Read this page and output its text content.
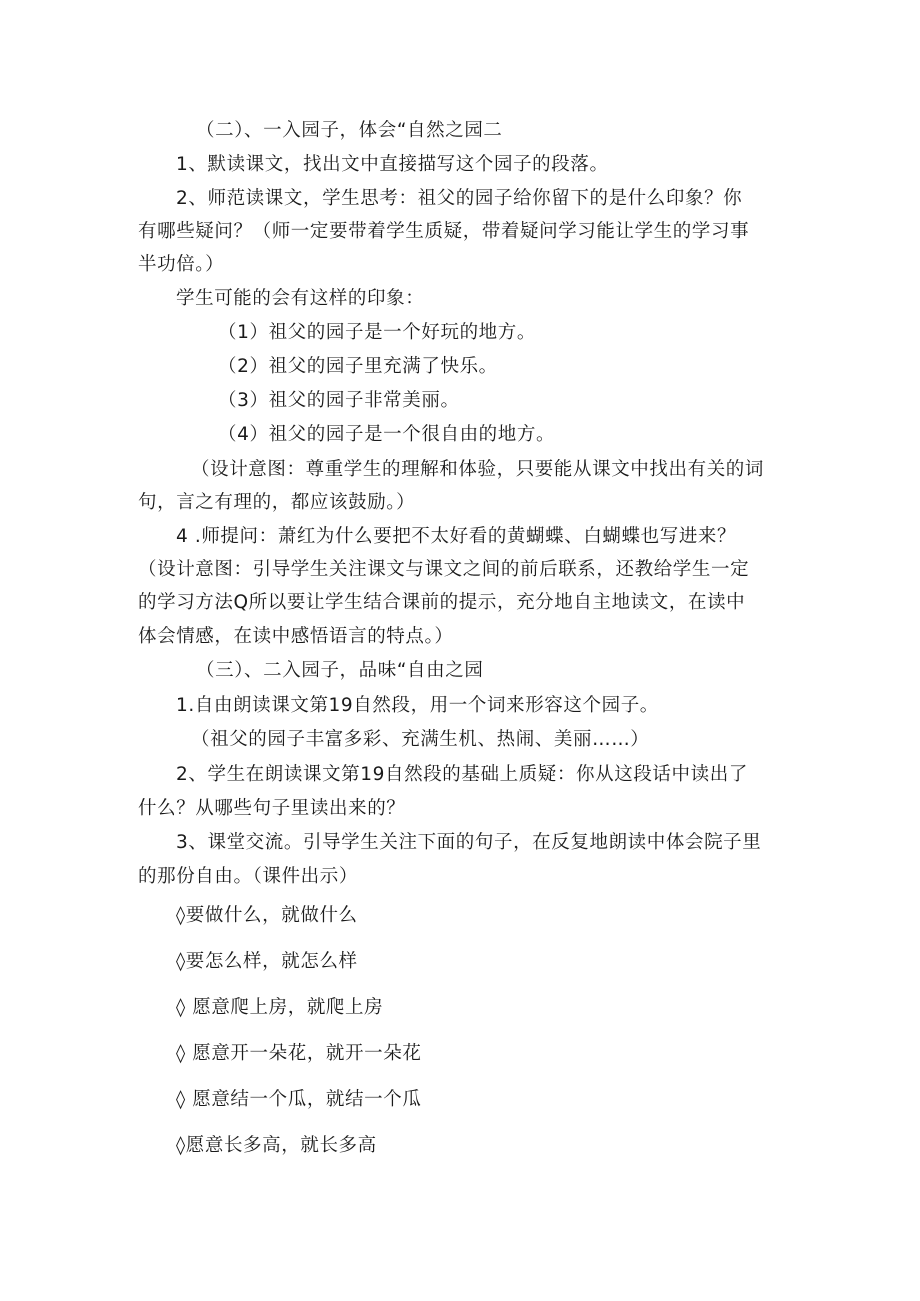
（二）、一入园子，体会“自然之园二
1、默读课文，找出文中直接描写这个园子的段落。
2、师范读课文，学生思考：祖父的园子给你留下的是什么印象？你
有哪些疑问？（师一定要带着学生质疑，带着疑问学习能让学生的学习事
半功倍。）
学生可能的会有这样的印象：
（1）祖父的园子是一个好玩的地方。
（2）祖父的园子里充满了快乐。
（3）祖父的园子非常美丽。
（4）祖父的园子是一个很自由的地方。
（设计意图：尊重学生的理解和体验，只要能从课文中找出有关的词
句，言之有理的，都应该鼓励。）
4 .师提问：萧红为什么要把不太好看的黄蝴蝶、白蝴蝶也写进来？
（设计意图：引导学生关注课文与课文之间的前后联系，还教给学生一定
的学习方法Q所以要让学生结合课前的提示，充分地自主地读文，在读中
体会情感，在读中感悟语言的特点。）
（三）、二入园子，品味“自由之园
1.自由朗读课文第19自然段，用一个词来形容这个园子。
（祖父的园子丰富多彩、充满生机、热闹、美丽……）
2、学生在朗读课文第19自然段的基础上质疑：你从这段话中读出了
什么？从哪些句子里读出来的？
3、课堂交流。引导学生关注下面的句子，在反复地朗读中体会院子里
的那份自由。（课件出示）
◊要做什么，就做什么
◊要怎么样，就怎么样
◊ 愿意爬上房，就爬上房
◊ 愿意开一朵花，就开一朵花
◊ 愿意结一个瓜，就结一个瓜
◊愿意长多高，就长多高
